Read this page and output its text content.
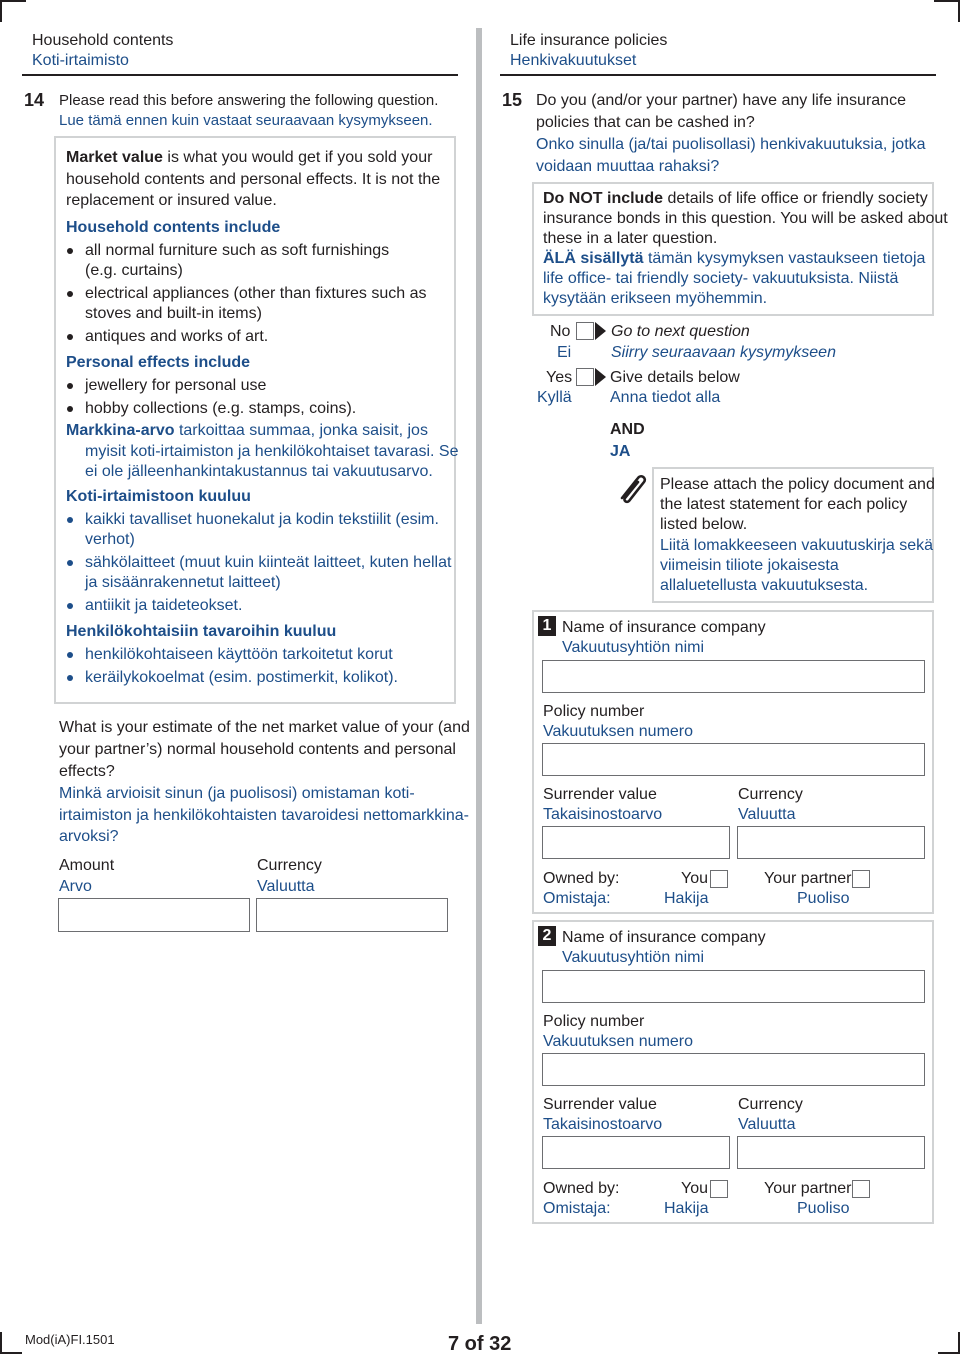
Household contents
Koti-irtaimisto
14 Please read this before answering the following question.
Lue tämä ennen kuin vastaat seuraavaan kysymykseen.
Market value is what you would get if you sold your
household contents and personal effects. It is not the
replacement or insured value.
Household contents include
all normal furniture such as soft furnishings
(e.g. curtains)
electrical appliances (other than fixtures such as
stoves and built-in items)
antiques and works of art.
Personal effects include
jewellery for personal use
hobby collections (e.g. stamps, coins).
Markkina-arvo tarkoittaa summaa, jonka saisit, jos
myisit koti-irtaimiston ja henkilökohtaiset tavarasi. Se
ei ole jälleenhankintakustannus tai vakuutusarvo.
Koti-irtaimistoon kuuluu
kaikki tavalliset huonekalut ja kodin tekstiilit (esim.
verhot)
sähkölaitteet (muut kuin kiinteät laitteet, kuten hellat
ja sisäänrakennetut laitteet)
antiikit ja taideteokset.
Henkilökohtaisiin tavaroihin kuuluu
henkilökohtaiseen käyttöön tarkoitetut korut
keräilykokoelmat (esim. postimerkit, kolikot).
What is your estimate of the net market value of your (and
your partner’s) normal household contents and personal
effects?
Minkä arvioisit sinun (ja puolisosi) omistaman koti-
irtaimiston ja henkilökohtaisten tavaroidesi nettomarkkina-
arvoksi?
Amount
Arvo
Currency
Valuutta
Life insurance policies
Henkivakuutukset
15 Do you (and/or your partner) have any life insurance
policies that can be cashed in?
Onko sinulla (ja/tai puolisollasi) henkivakuutuksia, jotka
voidaan muuttaa rahaksi?
Do NOT include details of life office or friendly society
insurance bonds in this question. You will be asked about
these in a later question.
ÄLÄ sisällytä tämän kysymyksen vastaukseen tietoja
life office- tai friendly society- vakuutuksista. Niistä
kysytään erikseen myöhemmin.
No
Ei
Go to next question
Siirry seuraavaan kysymykseen
Yes
Kyllä
Give details below
Anna tiedot alla
AND
JA
Please attach the policy document and
the latest statement for each policy
listed below.
Liitä lomakkeeseen vakuutuskirja sekä
viimeisin tiliote jokaisesta
allaluetellusta vakuutuksesta.
1 Name of insurance company
Vakuutusyhtiön nimi
Policy number
Vakuutuksen numero
Surrender value
Takaisinostoarvo
Currency
Valuutta
Owned by:
Omistaja:
You
Hakija
Your partner
Puoliso
2 Name of insurance company
Vakuutusyhtiön nimi
Policy number
Vakuutuksen numero
Surrender value
Takaisinostoarvo
Currency
Valuutta
Owned by:
Omistaja:
You
Hakija
Your partner
Puoliso
Mod(iA)FI.1501	7 of 32
